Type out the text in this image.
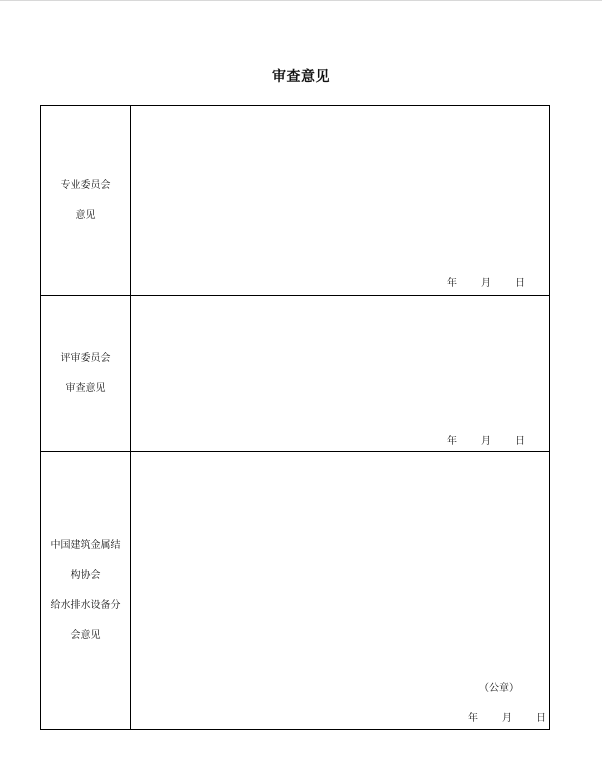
审查意见
专业委员会
意见
年 月 日
评审委员会
审查意见
年 月 日
中国建筑金属结
构协会
给水排水设备分
会意见
（公章）
年 月 日
